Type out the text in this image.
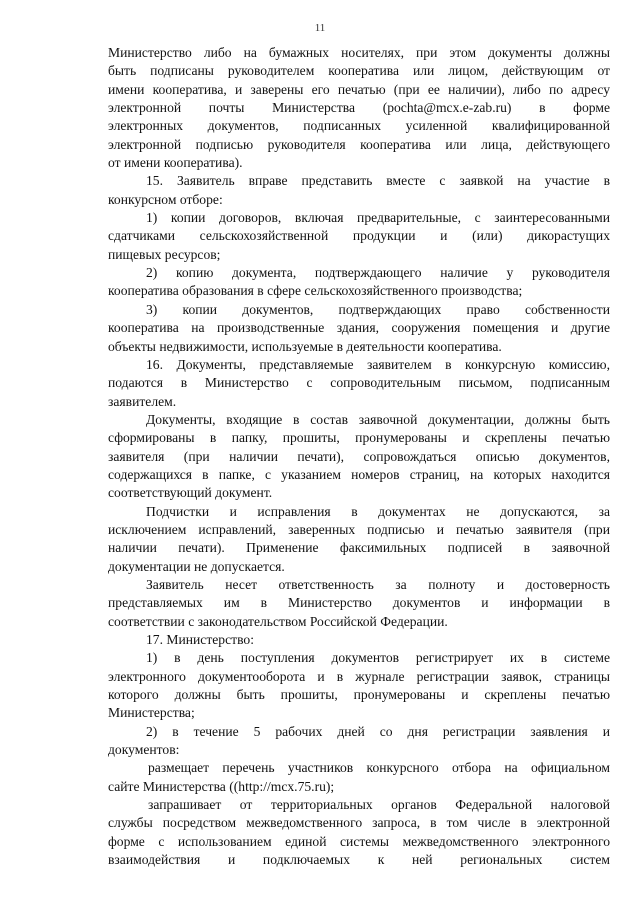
11
Министерство либо на бумажных носителях, при этом документы должны
быть подписаны руководителем кооператива или лицом, действующим от
имени кооператива, и заверены его печатью (при ее наличии), либо по адресу
электронной почты Министерства (pochta@mcx.e-zab.ru) в форме
электронных документов, подписанных усиленной квалифицированной
электронной подписью руководителя кооператива или лица, действующего
от имени кооператива).
15. Заявитель вправе представить вместе с заявкой на участие в
конкурсном отборе:
1) копии договоров, включая предварительные, с заинтересованными
сдатчиками сельскохозяйственной продукции и (или) дикорастущих
пищевых ресурсов;
2) копию документа, подтверждающего наличие у руководителя
кооператива образования в сфере сельскохозяйственного производства;
3) копии документов, подтверждающих право собственности
кооператива на производственные здания, сооружения помещения и другие
объекты недвижимости, используемые в деятельности кооператива.
16. Документы, представляемые заявителем в конкурсную комиссию,
подаются в Министерство с сопроводительным письмом, подписанным
заявителем.
Документы, входящие в состав заявочной документации, должны быть
сформированы в папку, прошиты, пронумерованы и скреплены печатью
заявителя (при наличии печати), сопровождаться описью документов,
содержащихся в папке, с указанием номеров страниц, на которых находится
соответствующий документ.
Подчистки и исправления в документах не допускаются, за
исключением исправлений, заверенных подписью и печатью заявителя (при
наличии печати). Применение факсимильных подписей в заявочной
документации не допускается.
Заявитель несет ответственность за полноту и достоверность
представляемых им в Министерство документов и информации в
соответствии с законодательством Российской Федерации.
17. Министерство:
1) в день поступления документов регистрирует их в системе
электронного документооборота и в журнале регистрации заявок, страницы
которого должны быть прошиты, пронумерованы и скреплены печатью
Министерства;
2) в течение 5 рабочих дней со дня регистрации заявления и
документов:
размещает перечень участников конкурсного отбора на официальном
сайте Министерства ((http://mcx.75.ru);
запрашивает от территориальных органов Федеральной налоговой
службы посредством межведомственного запроса, в том числе в электронной
форме с использованием единой системы межведомственного электронного
взаимодействия и подключаемых к ней региональных систем
